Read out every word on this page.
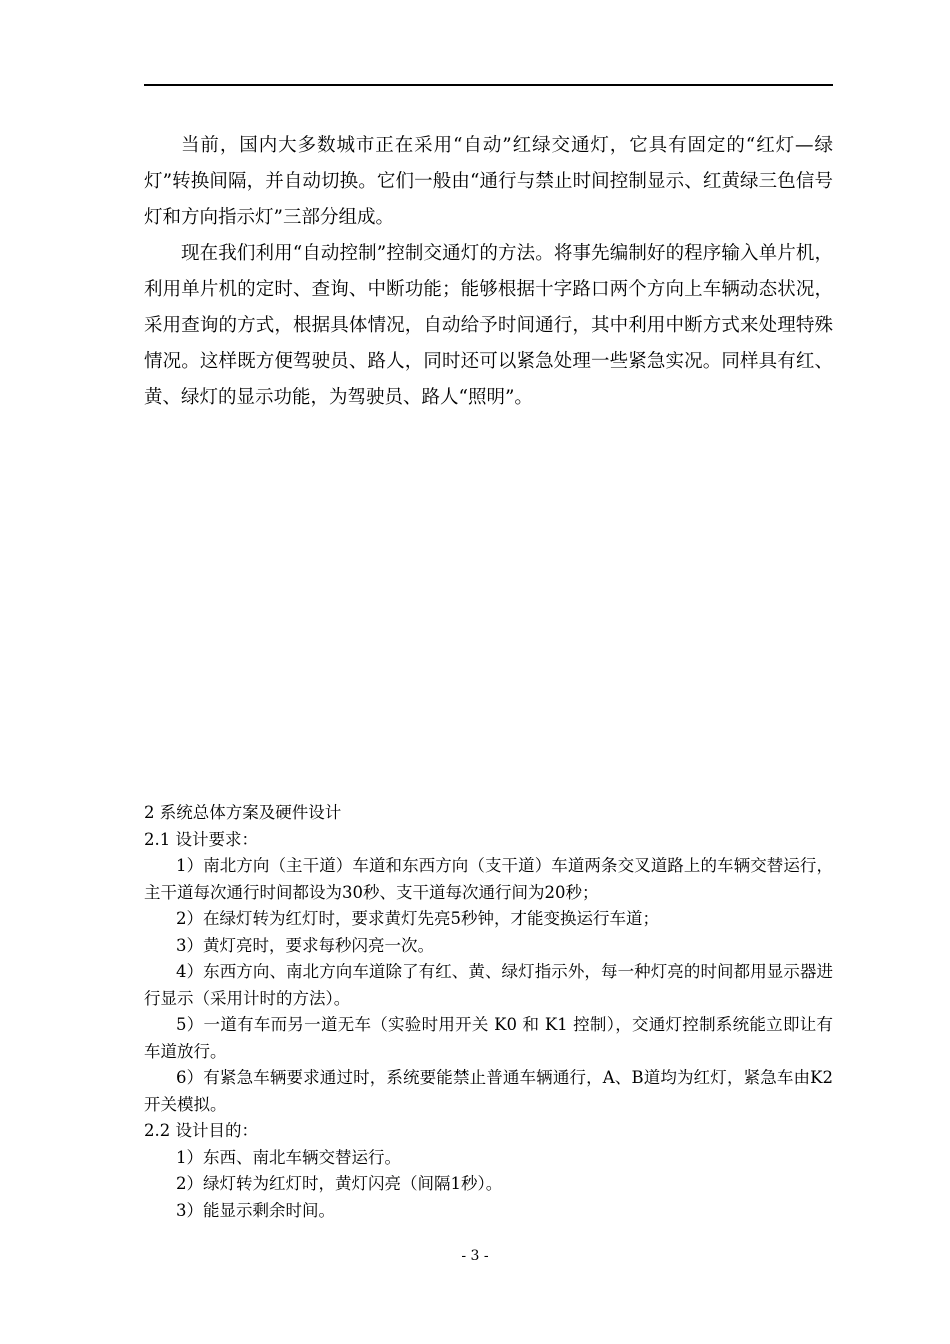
当前，国内大多数城市正在采用“自动”红绿交通灯，它具有固定的“红灯—绿灯”转换间隔，并自动切换。它们一般由“通行与禁止时间控制显示、红黄绿三色信号灯和方向指示灯”三部分组成。

现在我们利用“自动控制”控制交通灯的方法。将事先编制好的程序输入单片机，利用单片机的定时、查询、中断功能；能够根据十字路口两个方向上车辆动态状况，采用查询的方式，根据具体情况，自动给予时间通行，其中利用中断方式来处理特殊情况。这样既方便驾驶员、路人，同时还可以紧急处理一些紧急实况。同样具有红、黄、绿灯的显示功能，为驾驶员、路人“照明”。

2 系统总体方案及硬件设计

2.1 设计要求：

1）南北方向（主干道）车道和东西方向（支干道）车道两条交叉道路上的车辆交替运行，主干道每次通行时间都设为30秒、支干道每次通行间为20秒；

2）在绿灯转为红灯时，要求黄灯先亮5秒钟，才能变换运行车道；

3）黄灯亮时，要求每秒闪亮一次。

4）东西方向、南北方向车道除了有红、黄、绿灯指示外，每一种灯亮的时间都用显示器进行显示（采用计时的方法）。

5）一道有车而另一道无车（实验时用开关 K0 和 K1 控制），交通灯控制系统能立即让有车道放行。

6）有紧急车辆要求通过时，系统要能禁止普通车辆通行，A、B道均为红灯，紧急车由K2 开关模拟。

2.2 设计目的：

1）东西、南北车辆交替运行。

2）绿灯转为红灯时，黄灯闪亮（间隔1秒）。

3）能显示剩余时间。

- 3 -
